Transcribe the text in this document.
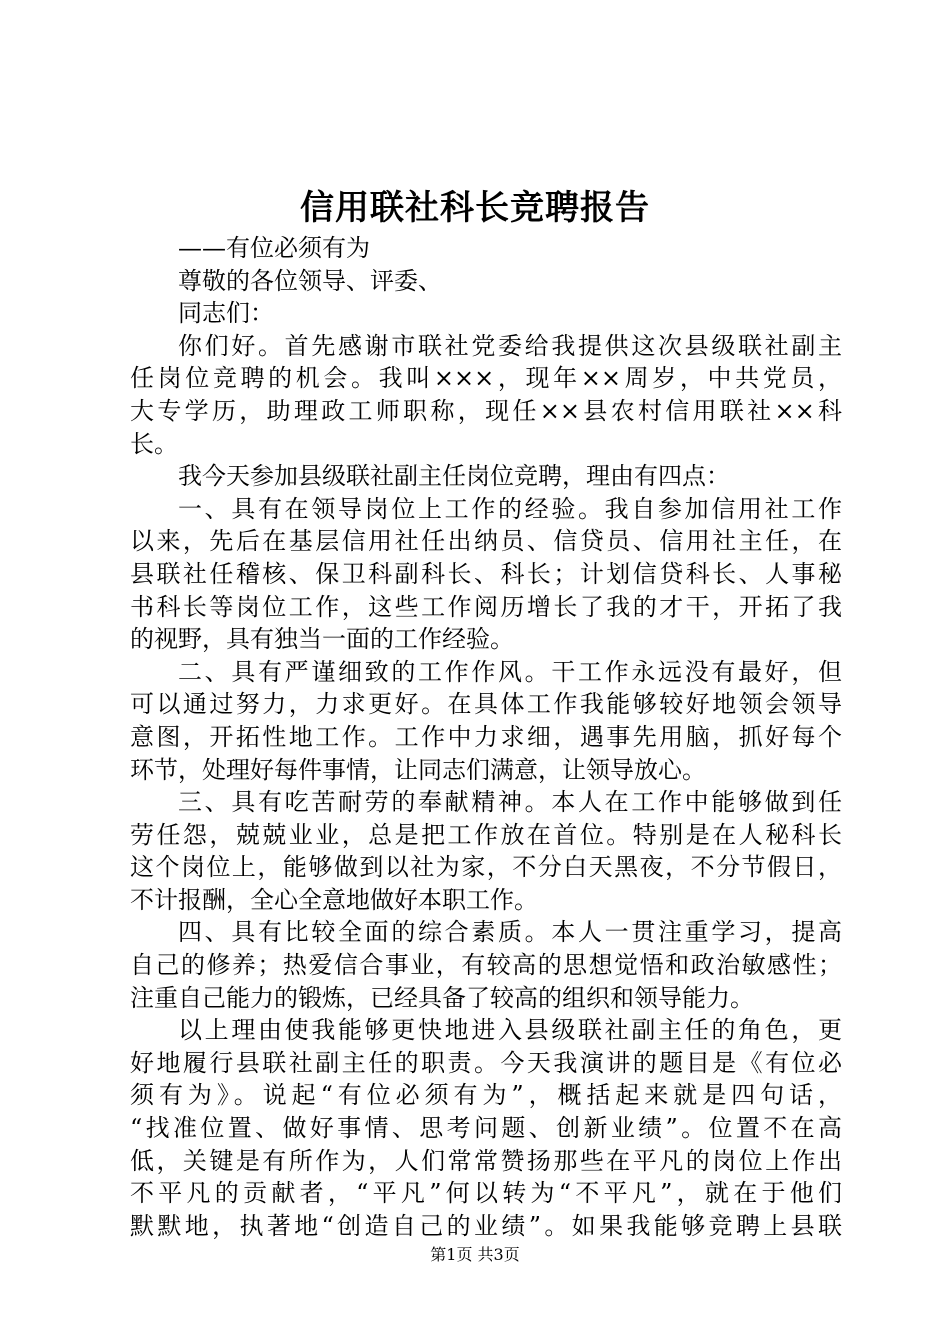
信用联社科长竞聘报告
——有位必须有为
尊敬的各位领导、评委、
同志们：
你们好。首先感谢市联社党委给我提供这次县级联社副主
任岗位竞聘的机会。我叫×××，现年××周岁，中共党员，
大专学历，助理政工师职称，现任××县农村信用联社××科
长。
我今天参加县级联社副主任岗位竞聘，理由有四点：
一、具有在领导岗位上工作的经验。我自参加信用社工作
以来，先后在基层信用社任出纳员、信贷员、信用社主任，在
县联社任稽核、保卫科副科长、科长；计划信贷科长、人事秘
书科长等岗位工作，这些工作阅历增长了我的才干，开拓了我
的视野，具有独当一面的工作经验。
二、具有严谨细致的工作作风。干工作永远没有最好，但
可以通过努力，力求更好。在具体工作我能够较好地领会领导
意图，开拓性地工作。工作中力求细，遇事先用脑，抓好每个
环节，处理好每件事情，让同志们满意，让领导放心。
三、具有吃苦耐劳的奉献精神。本人在工作中能够做到任
劳任怨，兢兢业业，总是把工作放在首位。特别是在人秘科长
这个岗位上，能够做到以社为家，不分白天黑夜，不分节假日，
不计报酬，全心全意地做好本职工作。
四、具有比较全面的综合素质。本人一贯注重学习，提高
自己的修养；热爱信合事业，有较高的思想觉悟和政治敏感性；
注重自己能力的锻炼，已经具备了较高的组织和领导能力。
以上理由使我能够更快地进入县级联社副主任的角色，更
好地履行县联社副主任的职责。今天我演讲的题目是《有位必
须有为》。说起“有位必须有为”，概括起来就是四句话，
“找准位置、做好事情、思考问题、创新业绩”。位置不在高
低，关键是有所作为，人们常常赞扬那些在平凡的岗位上作出
不平凡的贡献者，“平凡”何以转为“不平凡”，就在于他们
默默地，执著地“创造自己的业绩”。如果我能够竞聘上县联
第1页 共3页
